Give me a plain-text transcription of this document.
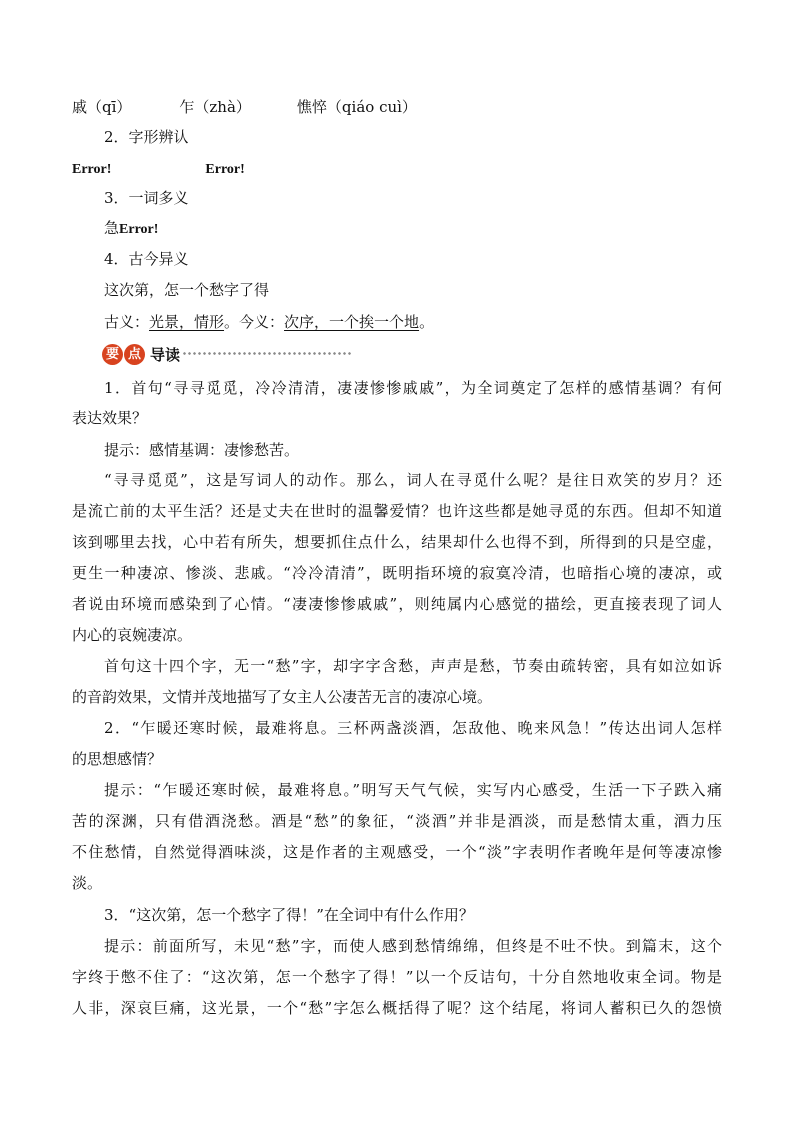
戚（qī）	乍（zhà）	憔悴（qiáo cuì）
2．字形辨认
Error!	Error!
3．一词多义
急Error!
4．古今异义
这次第，怎一个愁字了得
古义：光景，情形。今义：次序，一个挨一个地。
要 点 导读
1．首句“寻寻觅觅，冷冷清清，凄凄惨惨戚戚”，为全词奠定了怎样的感情基调？有何
表达效果？
提示：感情基调：凄惨愁苦。
“寻寻觅觅”，这是写词人的动作。那么，词人在寻觅什么呢？是往日欢笑的岁月？还
是流亡前的太平生活？还是丈夫在世时的温馨爱情？也许这些都是她寻觅的东西。但却不知道
该到哪里去找，心中若有所失，想要抓住点什么，结果却什么也得不到，所得到的只是空虚，
更生一种凄凉、惨淡、悲戚。“冷冷清清”，既明指环境的寂寞冷清，也暗指心境的凄凉，或
者说由环境而感染到了心情。“凄凄惨惨戚戚”，则纯属内心感觉的描绘，更直接表现了词人
内心的哀婉凄凉。
首句这十四个字，无一“愁”字，却字字含愁，声声是愁，节奏由疏转密，具有如泣如诉
的音韵效果，文情并茂地描写了女主人公凄苦无言的凄凉心境。
2．“乍暖还寒时候，最难将息。三杯两盏淡酒，怎敌他、晚来风急！”传达出词人怎样
的思想感情？
提示：“乍暖还寒时候，最难将息。”明写天气气候，实写内心感受，生活一下子跌入痛
苦的深渊，只有借酒浇愁。酒是“愁”的象征，“淡酒”并非是酒淡，而是愁情太重，酒力压
不住愁情，自然觉得酒味淡，这是作者的主观感受，一个“淡”字表明作者晚年是何等凄凉惨
淡。
3．“这次第，怎一个愁字了得！”在全词中有什么作用？
提示：前面所写，未见“愁”字，而使人感到愁情绵绵，但终是不吐不快。到篇末，这个
字终于憋不住了：“这次第，怎一个愁字了得！”以一个反诘句，十分自然地收束全词。物是
人非，深哀巨痛，这光景，一个“愁”字怎么概括得了呢？这个结尾，将词人蓄积已久的怨愤
